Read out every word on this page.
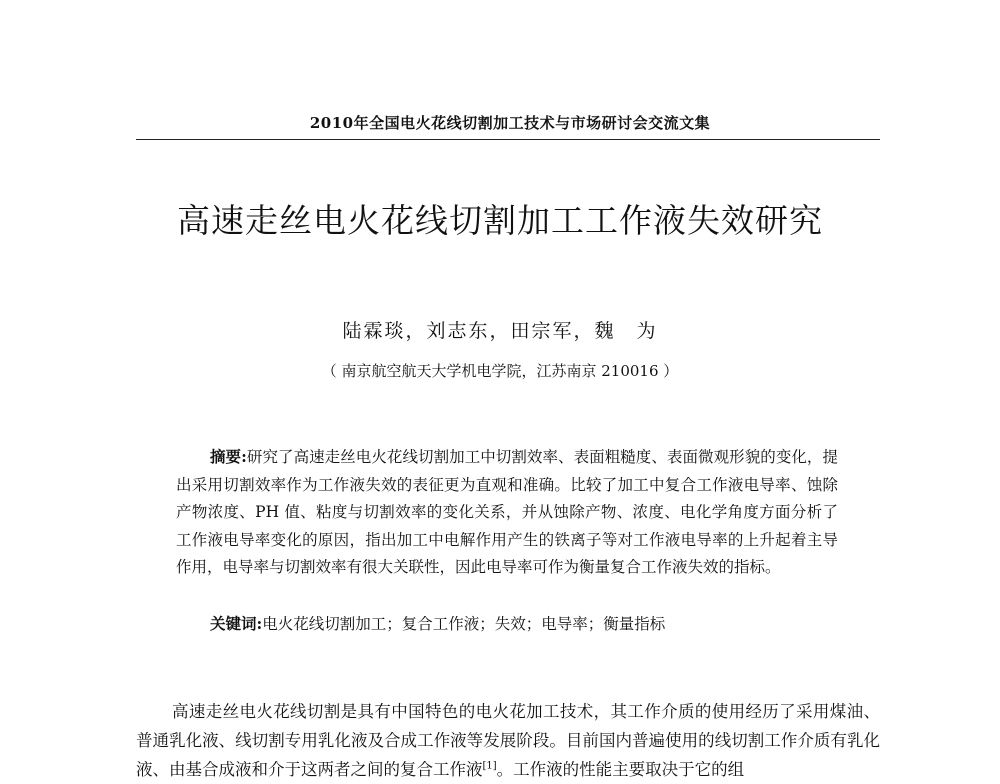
2010年全国电火花线切割加工技术与市场研讨会交流文集
高速走丝电火花线切割加工工作液失效研究
陆霖琰，刘志东，田宗军，魏　为
（ 南京航空航天大学机电学院，江苏南京 210016 ）

摘要:研究了高速走丝电火花线切割加工中切割效率、表面粗糙度、表面微观形貌的变化，提出采用切割效率作为工作液失效的表征更为直观和准确。比较了加工中复合工作液电导率、蚀除产物浓度、PH 值、粘度与切割效率的变化关系，并从蚀除产物、浓度、电化学角度方面分析了工作液电导率变化的原因，指出加工中电解作用产生的铁离子等对工作液电导率的上升起着主导作用，电导率与切割效率有很大关联性，因此电导率可作为衡量复合工作液失效的指标。

关键词:电火花线切割加工；复合工作液；失效；电导率；衡量指标

高速走丝电火花线切割是具有中国特色的电火花加工技术，其工作介质的使用经历了采用煤油、普通乳化液、线切割专用乳化液及合成工作液等发展阶段。目前国内普遍使用的线切割工作介质有乳化液、由基合成液和介于这两者之间的复合工作液[1]。工作液的性能主要取决于它的组
